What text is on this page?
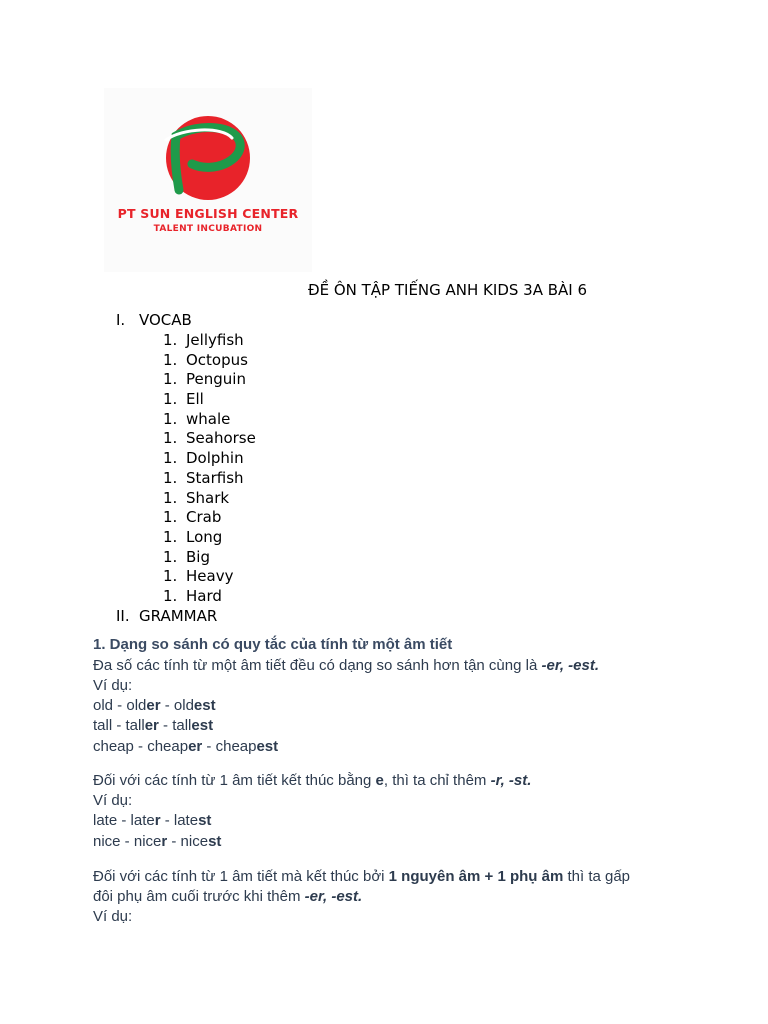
PT SUN ENGLISH CENTER
TALENT INCUBATION
ĐỀ ÔN TẬP TIẾNG ANH KIDS 3A BÀI 6
I. VOCAB
1. Jellyfish
1. Octopus
1. Penguin
1. Ell
1. whale
1. Seahorse
1. Dolphin
1. Starfish
1. Shark
1. Crab
1. Long
1. Big
1. Heavy
1. Hard
II. GRAMMAR
1. Dạng so sánh có quy tắc của tính từ một âm tiết
Đa số các tính từ một âm tiết đều có dạng so sánh hơn tận cùng là -er, -est.
Ví dụ:
old - older - oldest
tall - taller - tallest
cheap - cheaper - cheapest
Đối với các tính từ 1 âm tiết kết thúc bằng e, thì ta chỉ thêm -r, -st.
Ví dụ:
late - later - latest
nice - nicer - nicest
Đối với các tính từ 1 âm tiết mà kết thúc bởi 1 nguyên âm + 1 phụ âm thì ta gấp
đôi phụ âm cuối trước khi thêm -er, -est.
Ví dụ:
